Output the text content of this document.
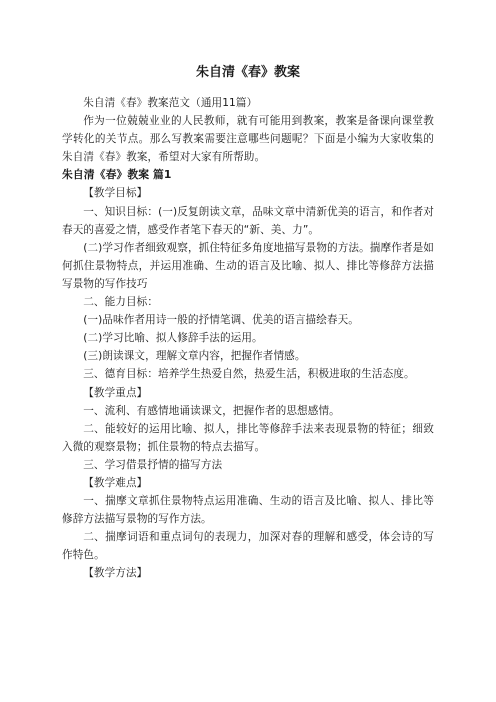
朱自清《春》教案

朱自清《春》教案范文（通用11篇）

作为一位兢兢业业的人民教师，就有可能用到教案，教案是备课向课堂教学转化的关节点。那么写教案需要注意哪些问题呢？下面是小编为大家收集的朱自清《春》教案，希望对大家有所帮助。

朱自清《春》教案 篇1

【教学目标】

一、知识目标：(一)反复朗读文章，品味文章中清新优美的语言，和作者对春天的喜爱之情，感受作者笔下春天的“新、美、力”。

(二)学习作者细致观察，抓住特征多角度地描写景物的方法。揣摩作者是如何抓住景物特点，并运用准确、生动的语言及比喻、拟人、排比等修辞方法描写景物的写作技巧

二、能力目标：

(一)品味作者用诗一般的抒情笔调、优美的语言描绘春天。

(二)学习比喻、拟人修辞手法的运用。

(三)朗读课文，理解文章内容，把握作者情感。

三、德育目标：培养学生热爱自然，热爱生活，积极进取的生活态度。

【教学重点】

一、流利、有感情地诵读课文，把握作者的思想感情。

二、能较好的运用比喻、拟人，排比等修辞手法来表现景物的特征；细致入微的观察景物；抓住景物的特点去描写。

三、学习借景抒情的描写方法

【教学难点】

一、揣摩文章抓住景物特点运用准确、生动的语言及比喻、拟人、排比等修辞方法描写景物的写作方法。

二、揣摩词语和重点词句的表现力，加深对春的理解和感受，体会诗的写作特色。

【教学方法】
